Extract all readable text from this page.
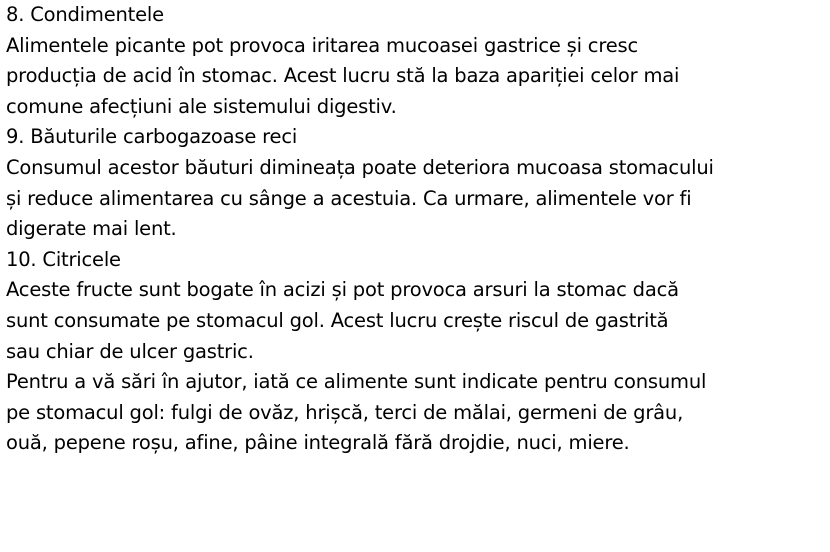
8. Condimentele

Alimentele picante pot provoca iritarea mucoasei gastrice și cresc

producția de acid în stomac. Acest lucru stă la baza apariției celor mai

comune afecțiuni ale sistemului digestiv.

9. Băuturile carbogazoase reci

Consumul acestor băuturi dimineața poate deteriora mucoasa stomacului

și reduce alimentarea cu sânge a acestuia. Ca urmare, alimentele vor fi

digerate mai lent.

10. Citricele

Aceste fructe sunt bogate în acizi și pot provoca arsuri la stomac dacă

sunt consumate pe stomacul gol. Acest lucru crește riscul de gastrită

sau chiar de ulcer gastric.

Pentru a vă sări în ajutor, iată ce alimente sunt indicate pentru consumul

pe stomacul gol: fulgi de ovăz, hrișcă, terci de mălai, germeni de grâu,

ouă, pepene roșu, afine, pâine integrală fără drojdie, nuci, miere.
